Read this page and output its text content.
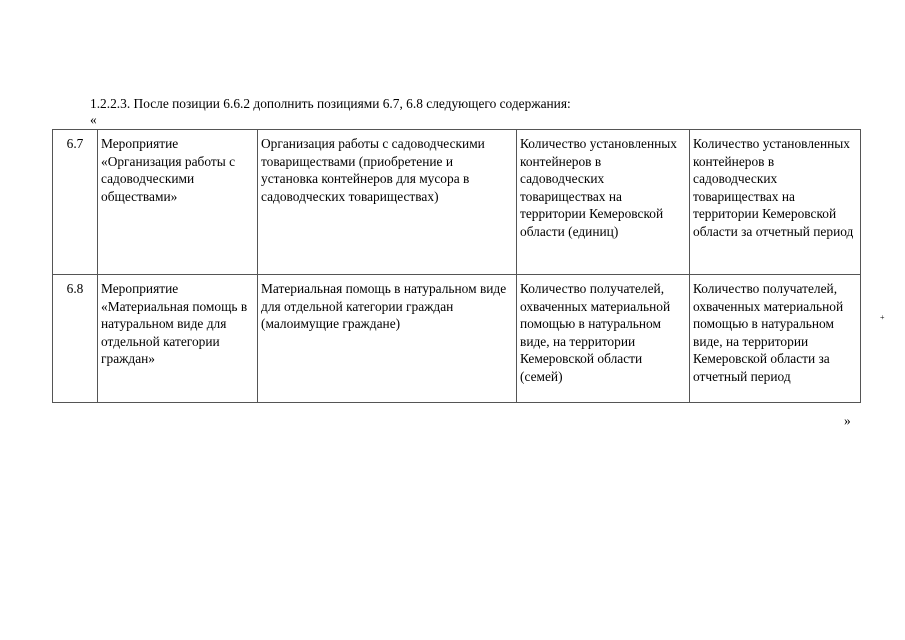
1.2.2.3. После позиции 6.6.2 дополнить позициями 6.7, 6.8 следующего содержания:
«
6.7	Мероприятие «Организация работы с садоводческими обществами»	Организация работы с садоводческими товариществами (приобретение и установка контейнеров для мусора в садоводческих товариществах)	Количество установленных контейнеров в садоводческих товариществах на территории Кемеровской области (единиц)	Количество установленных контейнеров в садоводческих товариществах на территории Кемеровской области за отчетный период
6.8	Мероприятие «Материальная помощь в натуральном виде для отдельной категории граждан»	Материальная помощь в натуральном виде для отдельной категории граждан (малоимущие граждане)	Количество получателей, охваченных материальной помощью в натуральном виде, на территории Кемеровской области (семей)	Количество получателей, охваченных материальной помощью в натуральном виде, на территории Кемеровской области за отчетный период
»
+
